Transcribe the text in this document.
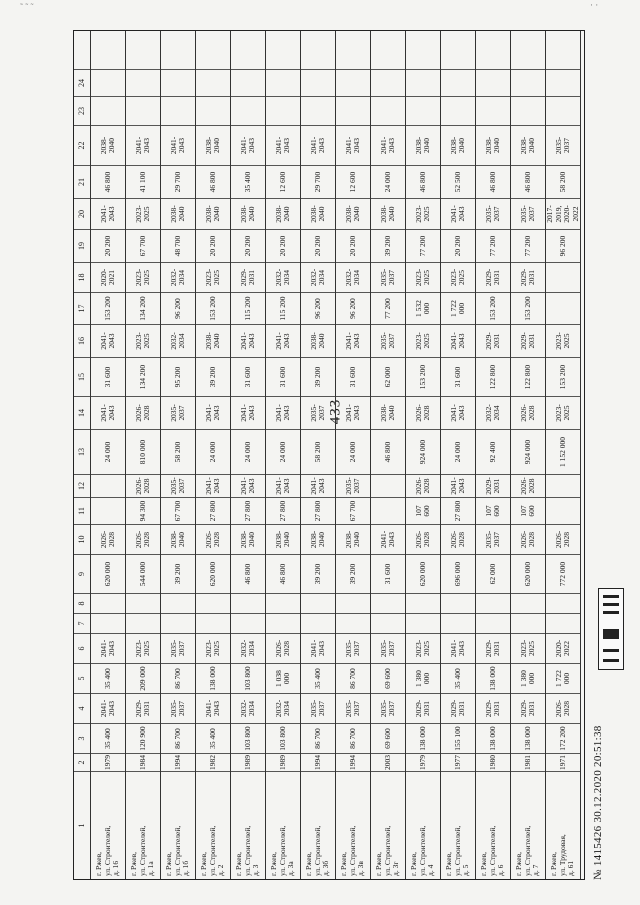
˜ ˜ ˜	· ·
433
1
2
3
4
5
6
7
8
9
10
11
12
13
14
15
16
17
18
19
20
21
22
23
24
г. Ржев,
ул. Строителей,
д. 16
1979
35 400
2041-
2043
35 400
2041-
2043
620 000
2026-
2028
24 000
2041-
2043
31 600
2041-
2043
153 200
2020-
2021
20 200
2041-
2043
46 800
2038-
2040
г. Ржев,
ул. Строителей,
д. 1а
1984
120 900
2029-
2031
209 000
2023-
2025
544 000
2026-
2028
94 300
2026-
2028
810 000
2026-
2028
134 200
2023-
2025
134 200
2023-
2025
67 700
2023-
2025
41 100
2041-
2043
г. Ржев,
ул. Строителей,
д. 1б
1994
86 700
2035-
2037
86 700
2035-
2037
39 200
2038-
2040
67 700
2035-
2037
58 200
2035-
2037
95 200
2032-
2034
96 200
2032-
2034
48 700
2038-
2040
29 700
2041-
2043
г. Ржев,
ул. Строителей,
д. 2
1982
35 400
2041-
2043
138 000
2023-
2025
620 000
2026-
2028
27 800
2041-
2043
24 000
2041-
2043
39 200
2038-
2040
153 200
2023-
2025
20 200
2038-
2040
46 800
2038-
2040
г. Ржев,
ул. Строителей,
д. 3
1989
103 800
2032-
2034
103 800
2032-
2034
46 800
2038-
2040
27 800
2041-
2043
24 000
2041-
2043
31 600
2041-
2043
115 200
2029-
2031
20 200
2038-
2040
35 400
2041-
2043
г. Ржев,
ул. Строителей,
д. 3а
1989
103 800
2032-
2034
1 038 000
2026-
2028
46 800
2038-
2040
27 800
2041-
2043
24 000
2041-
2043
31 600
2041-
2043
115 200
2032-
2034
20 200
2038-
2040
12 600
2041-
2043
г. Ржев,
ул. Строителей,
д. 3б
1994
86 700
2035-
2037
35 400
2041-
2043
39 200
2038-
2040
27 800
2041-
2043
58 200
2035-
2037
39 200
2038-
2040
96 200
2032-
2034
20 200
2038-
2040
29 700
2041-
2043
г. Ржев,
ул. Строителей,
д. 3в
1994
86 700
2035-
2037
86 700
2035-
2037
39 200
2038-
2040
67 700
2035-
2037
24 000
2041-
2043
31 600
2041-
2043
96 200
2032-
2034
20 200
2038-
2040
12 600
2041-
2043
г. Ржев,
ул. Строителей,
д. 3г
2003
69 600
2035-
2037
69 600
2035-
2037
31 600
2041-
2043
46 800
2038-
2040
62 000
2035-
2037
77 200
2035-
2037
39 200
2038-
2040
24 000
2041-
2043
г. Ржев,
ул. Строителей,
д. 4
1979
138 000
2029-
2031
1 380 000
2023-
2025
620 000
2026-
2028
107 600
2026-
2028
924 000
2026-
2028
153 200
2023-
2025
1 532 000
2023-
2025
77 200
2023-
2025
46 800
2038-
2040
г. Ржев,
ул. Строителей,
д. 5
1977
155 100
2029-
2031
35 400
2041-
2043
696 000
2026-
2028
27 800
2041-
2043
24 000
2041-
2043
31 600
2041-
2043
1 722 000
2023-
2025
20 200
2041-
2043
52 500
2038-
2040
г. Ржев,
ул. Строителей,
д. 6
1980
138 000
2029-
2031
138 000
2029-
2031
62 000
2035-
2037
107 600
2029-
2031
92 400
2032-
2034
122 800
2029-
2031
153 200
2029-
2031
77 200
2035-
2037
46 800
2038-
2040
г. Ржев,
ул. Строителей,
д. 7
1981
138 000
2029-
2031
1 380 000
2023-
2025
620 000
2026-
2028
107 600
2026-
2028
924 000
2026-
2028
122 800
2029-
2031
153 200
2029-
2031
77 200
2035-
2037
46 800
2038-
2040
г. Ржев,
ул. Трудовая,
д. 61
1971
172 200
2026-
2028
1 722 000
2020-
2022
772 000
2026-
2028
1 152 000
2023-
2025
153 200
2023-
2025
96 200
2017-
2019,
2020-
2022
58 200
2035-
2037
№ 1415426 30.12.2020 20:51:38
